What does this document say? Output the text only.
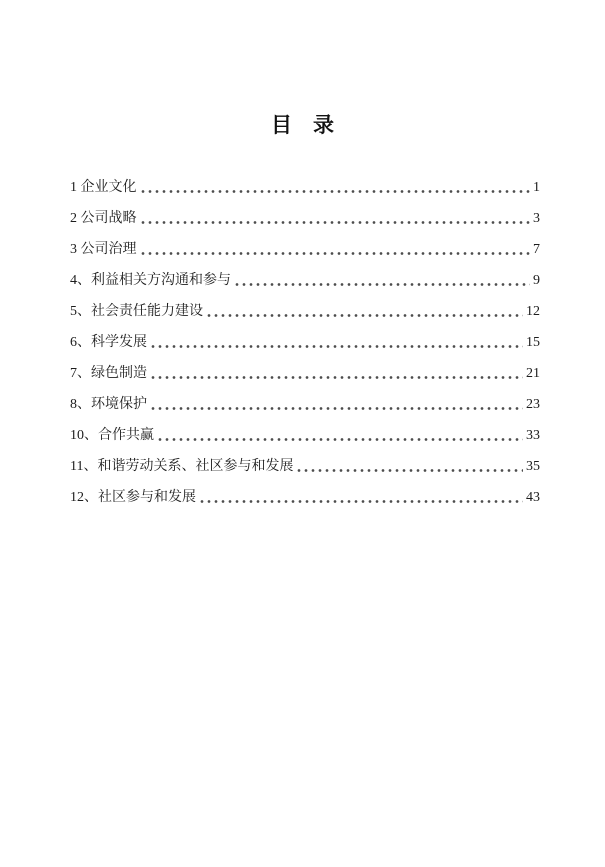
目　录
1 企业文化	1
2 公司战略	3
3 公司治理	7
4、利益相关方沟通和参与	9
5、社会责任能力建设	12
6、科学发展	15
7、绿色制造	21
8、环境保护	23
10、合作共赢	33
11、和谐劳动关系、社区参与和发展	35
12、社区参与和发展	43
